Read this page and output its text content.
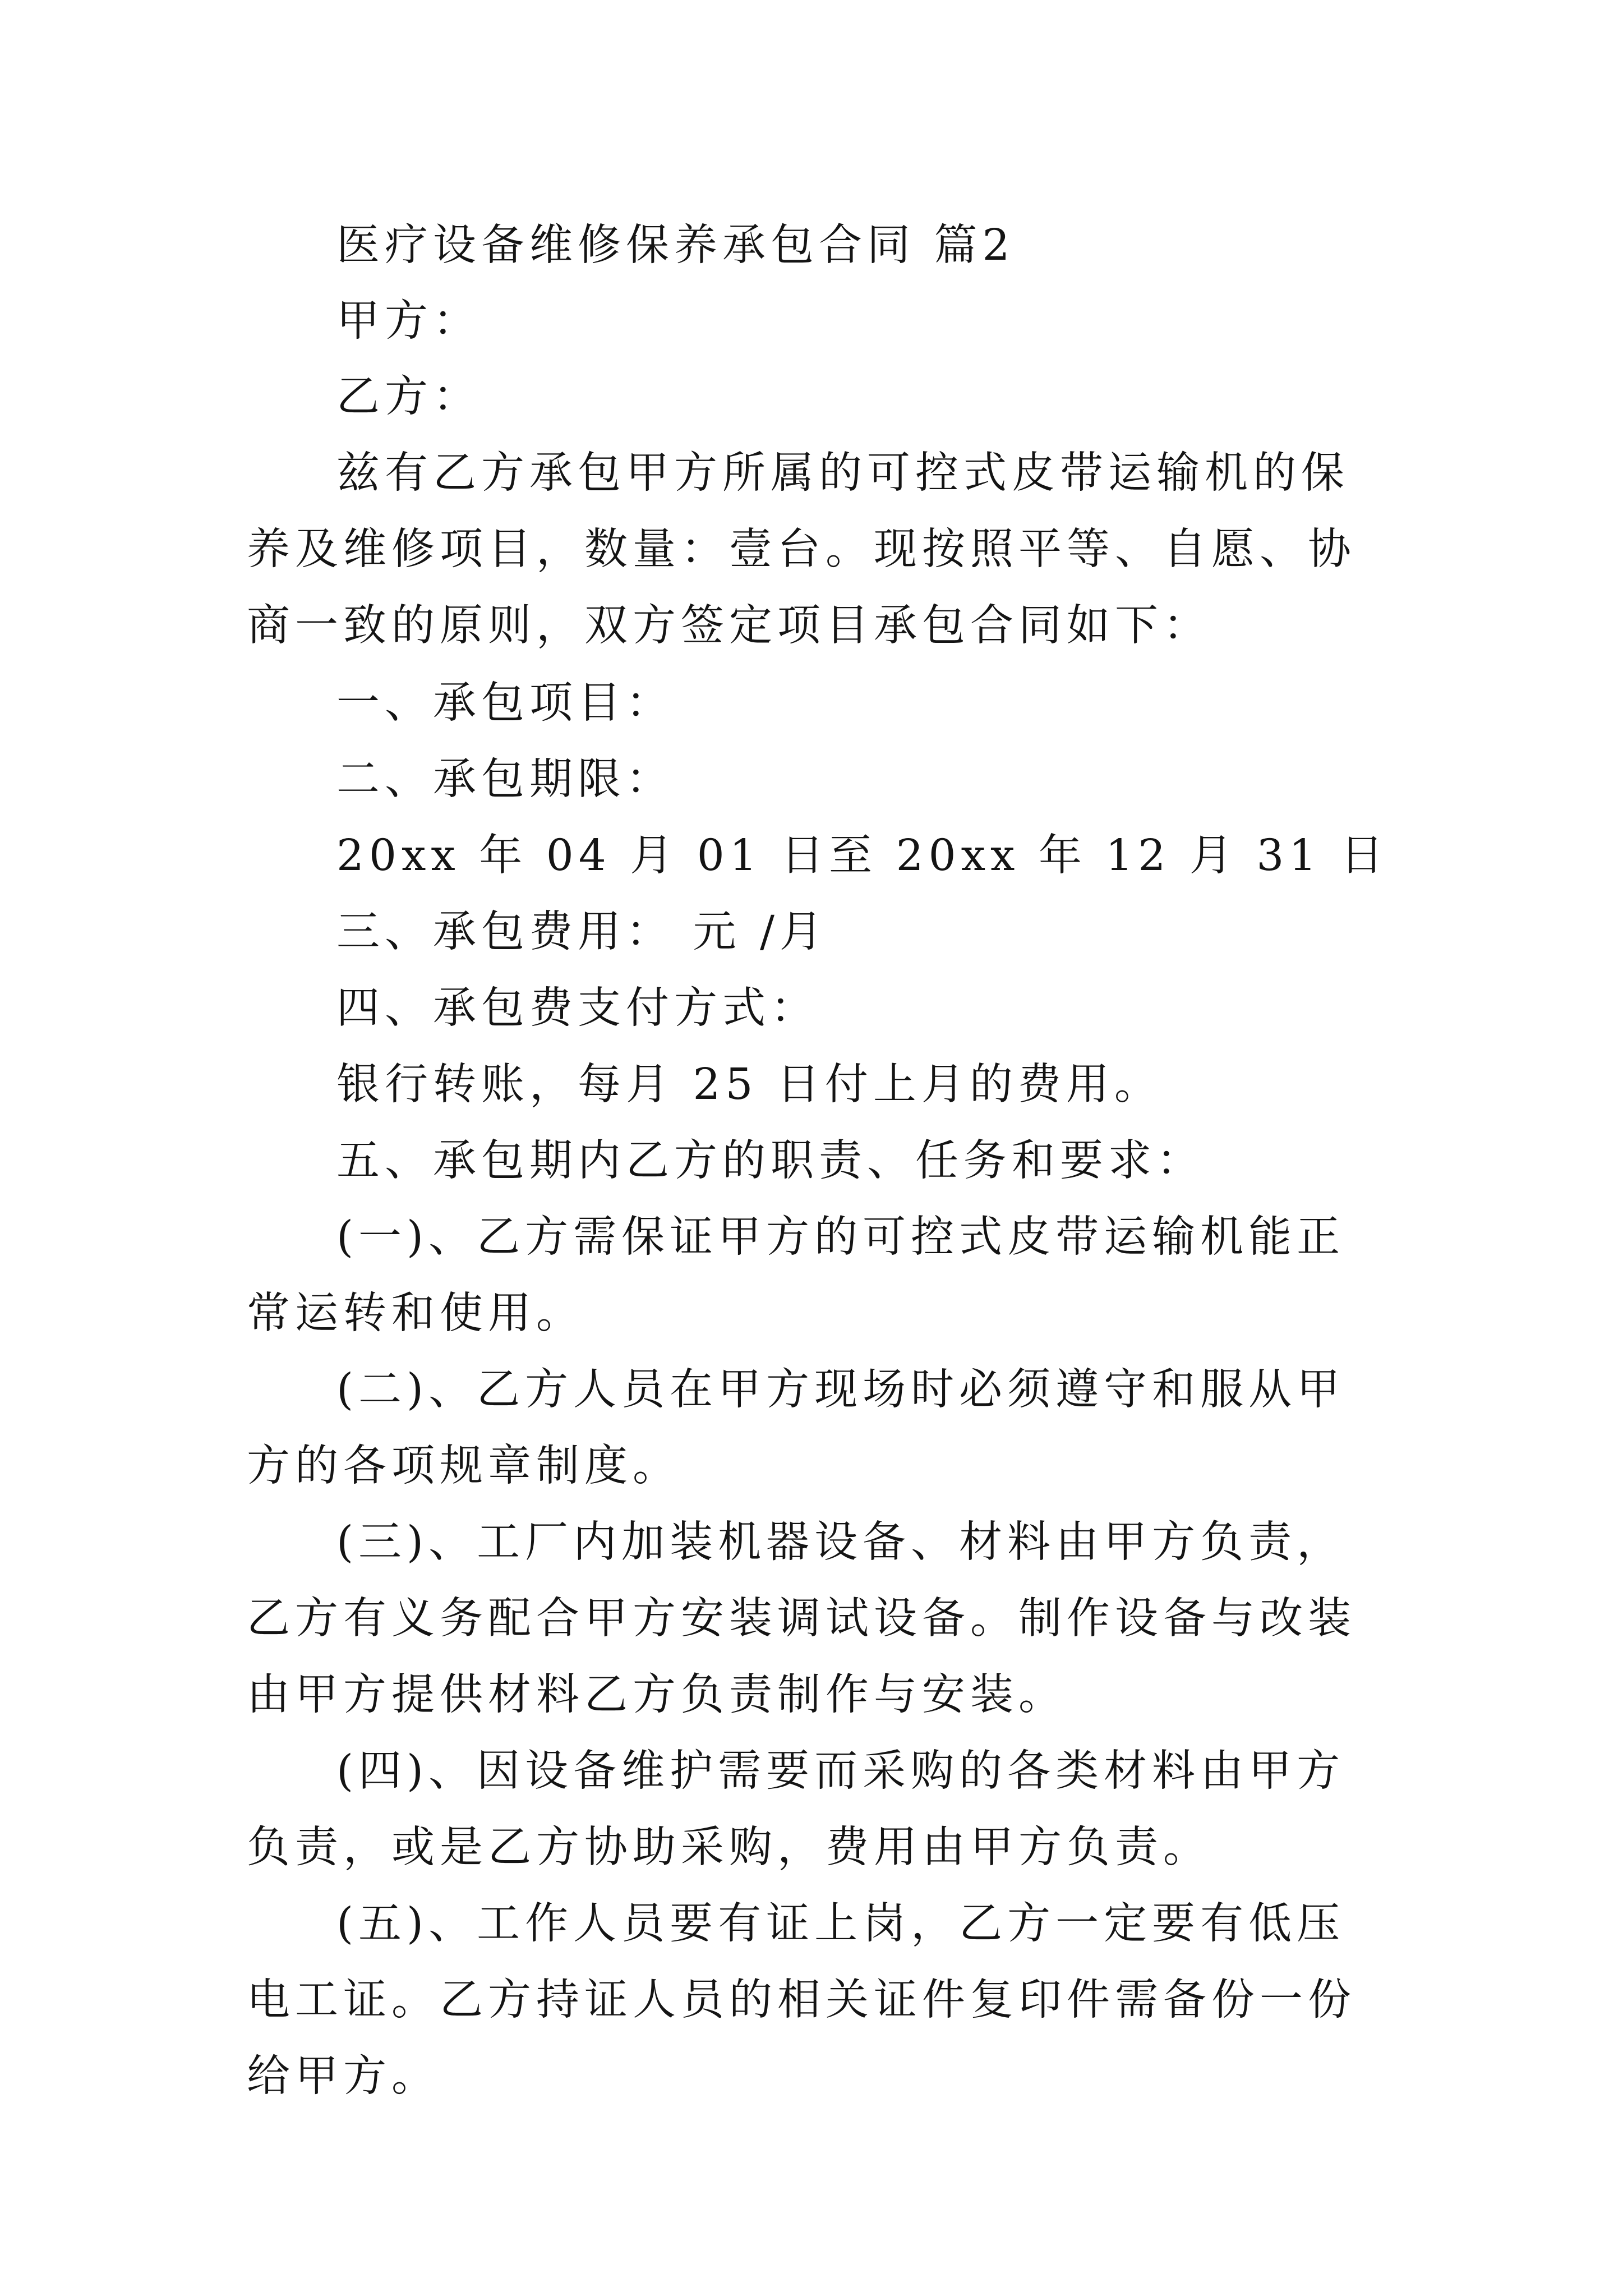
医疗设备维修保养承包合同 篇2

甲方：

乙方：

兹有乙方承包甲方所属的可控式皮带运输机的保养及维修项目，数量：壹台。现按照平等、自愿、协商一致的原则，双方签定项目承包合同如下：

一、承包项目：

二、承包期限：

20xx 年 04 月 01 日至 20xx 年 12 月 31 日

三、承包费用： 元 /月

四、承包费支付方式：

银行转账，每月 25 日付上月的费用。

五、承包期内乙方的职责、任务和要求：

(一)、乙方需保证甲方的可控式皮带运输机能正常运转和使用。

(二)、乙方人员在甲方现场时必须遵守和服从甲方的各项规章制度。

(三)、工厂内加装机器设备、材料由甲方负责，乙方有义务配合甲方安装调试设备。制作设备与改装由甲方提供材料乙方负责制作与安装。

(四)、因设备维护需要而采购的各类材料由甲方负责，或是乙方协助采购，费用由甲方负责。

(五)、工作人员要有证上岗，乙方一定要有低压电工证。乙方持证人员的相关证件复印件需备份一份给甲方。
